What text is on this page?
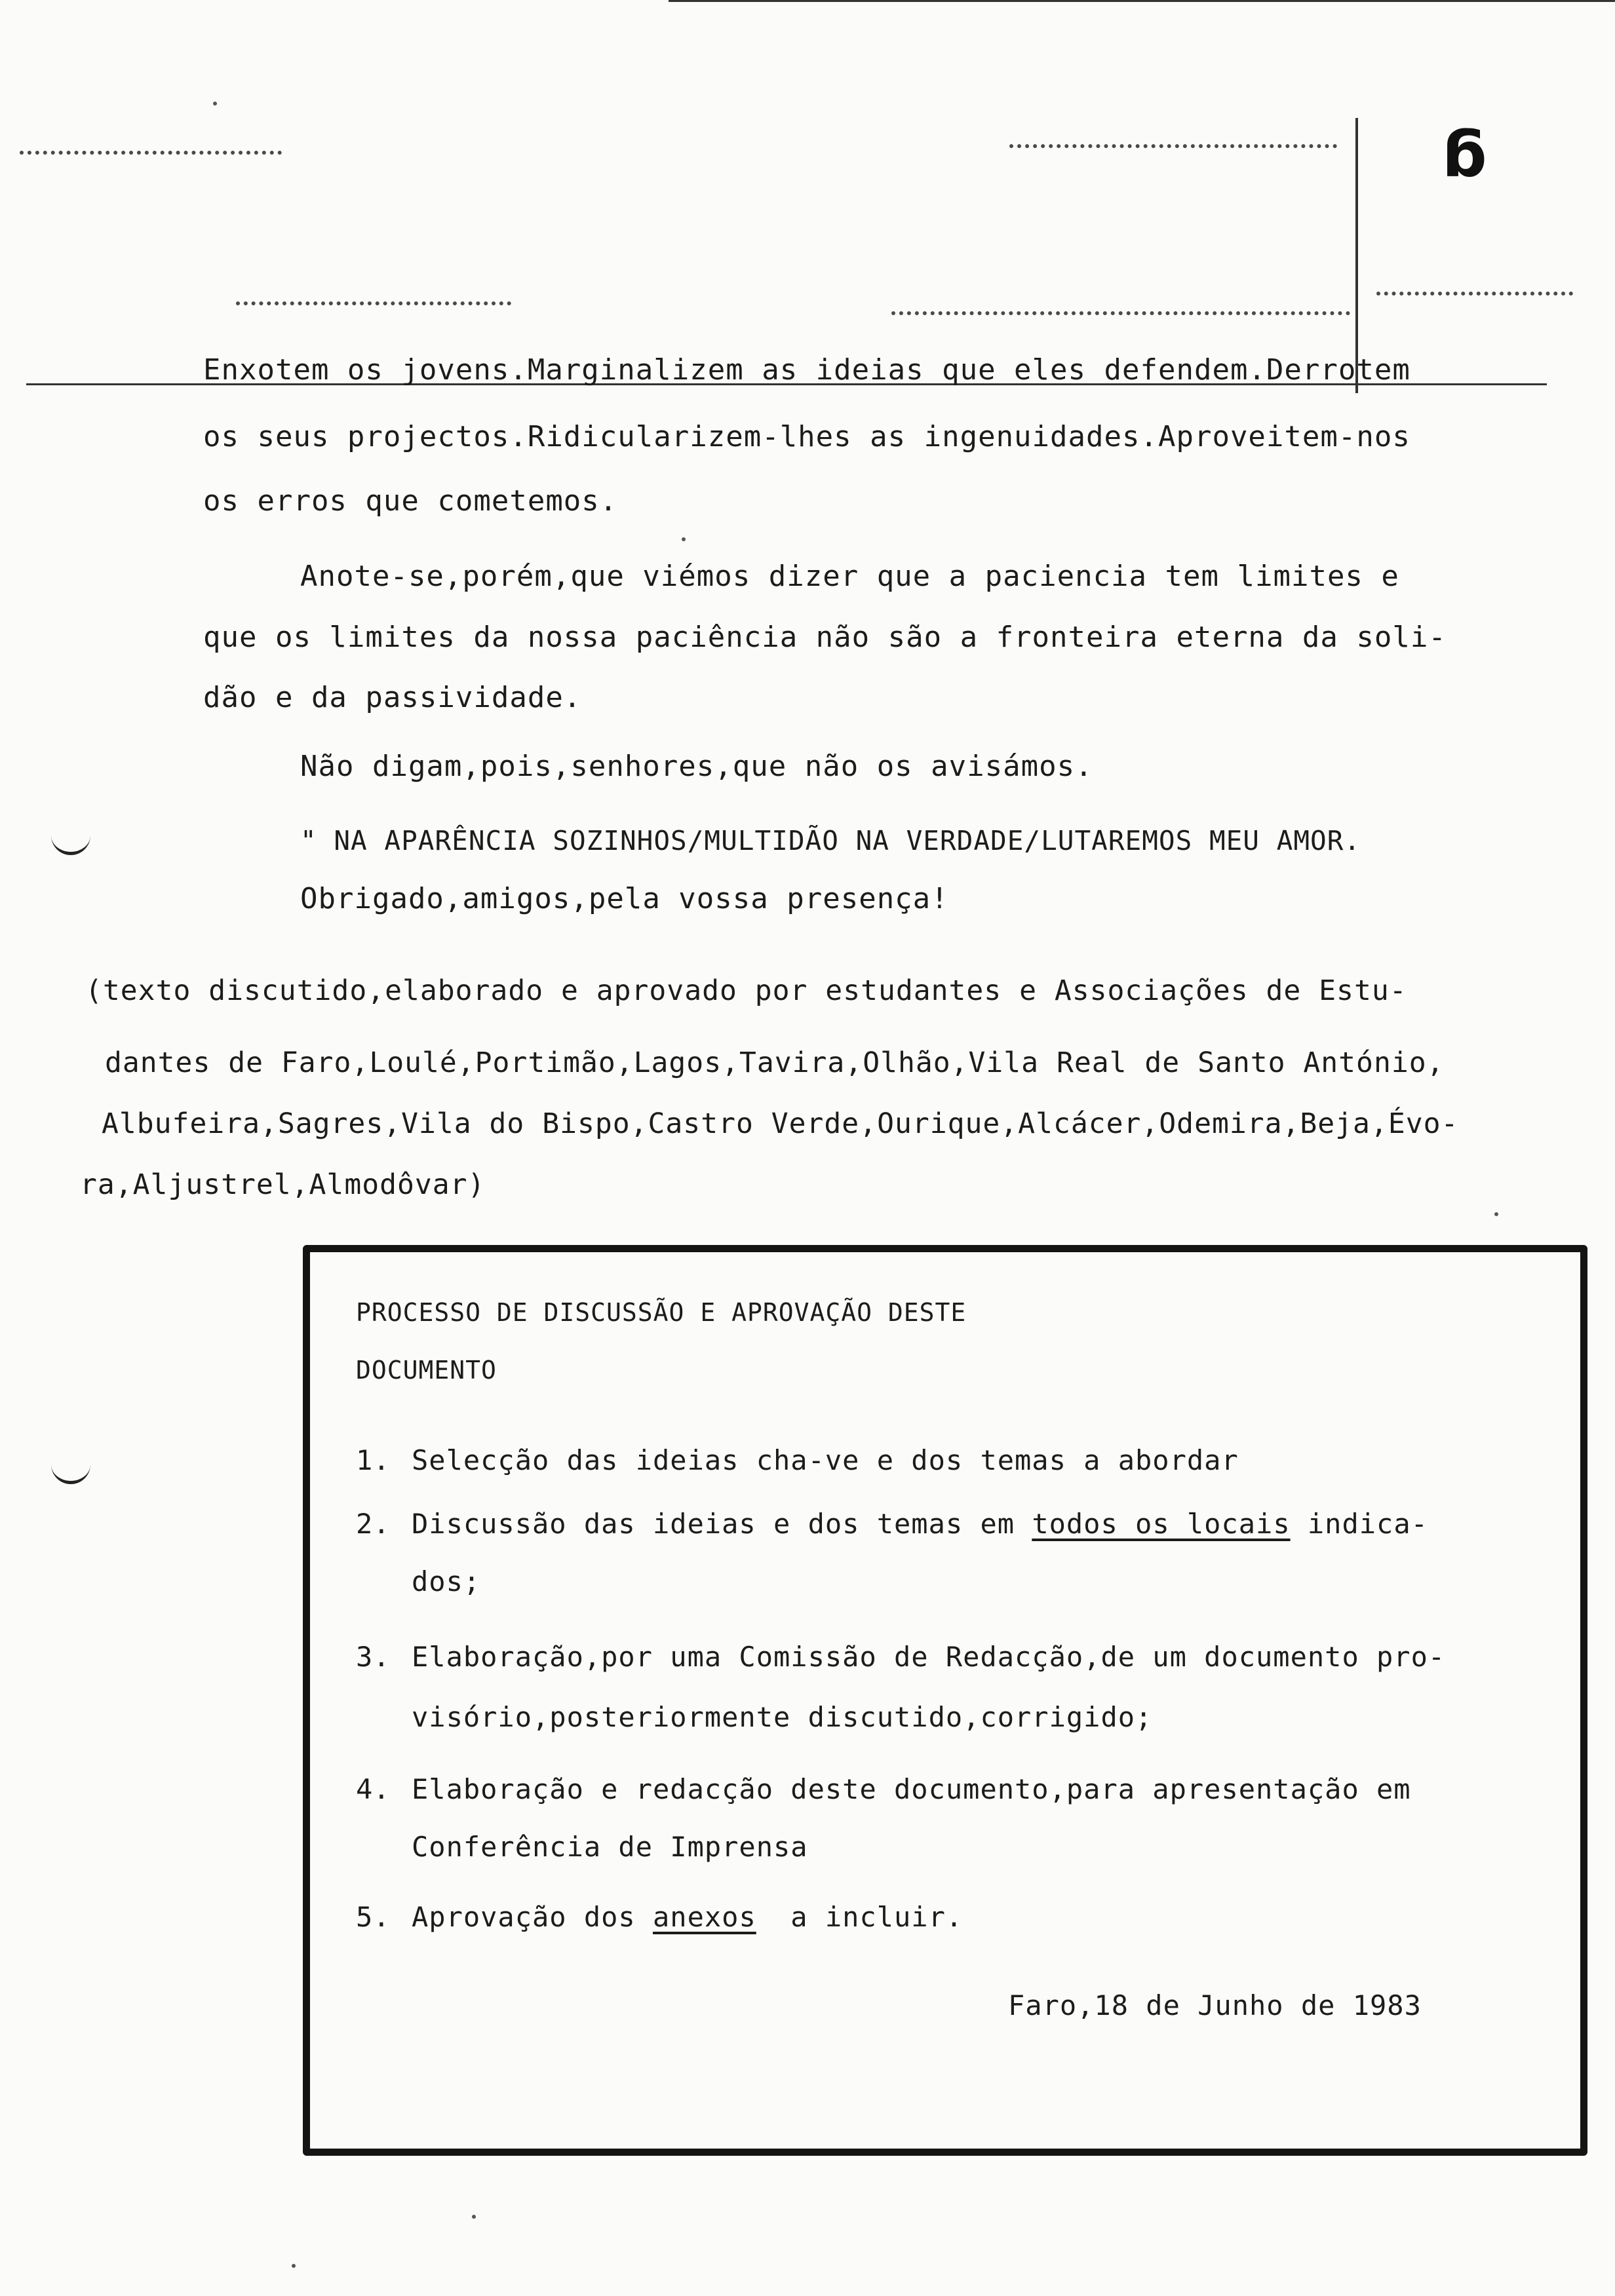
ᵷ
Enxotem os jovens.Marginalizem as ideias que eles defendem.Derrotem
os seus projectos.Ridicularizem-lhes as ingenuidades.Aproveitem-nos
os erros que cometemos.
Anote-se,porém,que viémos dizer que a paciencia tem limites e
que os limites da nossa paciência não são a fronteira eterna da soli-
dão e da passividade.
Não digam,pois,senhores,que não os avisámos.
" NA APARÊNCIA SOZINHOS/MULTIDÃO NA VERDADE/LUTAREMOS MEU AMOR.
Obrigado,amigos,pela vossa presença!
(texto discutido,elaborado e aprovado por estudantes e Associações de Estu-
dantes de Faro,Loulé,Portimão,Lagos,Tavira,Olhão,Vila Real de Santo António,
Albufeira,Sagres,Vila do Bispo,Castro Verde,Ourique,Alcácer,Odemira,Beja,Évo-
ra,Aljustrel,Almodôvar)
PROCESSO DE DISCUSSÃO E APROVAÇÃO DESTE
DOCUMENTO
1. Selecção das ideias cha-ve e dos temas a abordar
2. Discussão das ideias e dos temas em todos os locais indica-
dos;
3. Elaboração,por uma Comissão de Redacção,de um documento pro-
visório,posteriormente discutido,corrigido;
4. Elaboração e redacção deste documento,para apresentação em
Conferência de Imprensa
5. Aprovação dos anexos  a incluir.
Faro,18 de Junho de 1983
